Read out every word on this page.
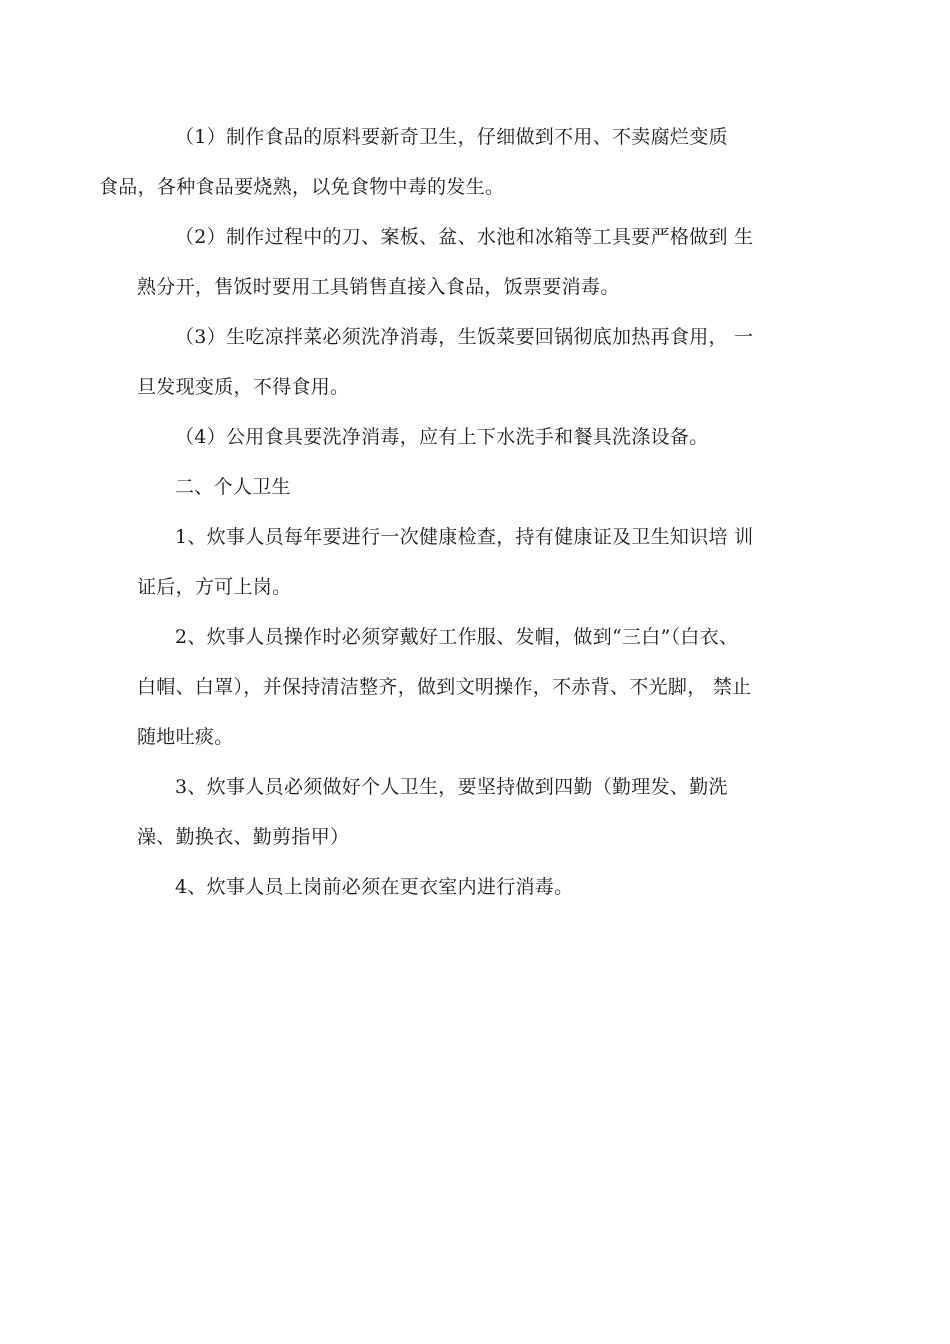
（1）制作食品的原料要新奇卫生，仔细做到不用、不卖腐烂变质
食品，各种食品要烧熟，以免食物中毒的发生。

（2）制作过程中的刀、案板、盆、水池和冰箱等工具要严格做到 生
熟分开，售饭时要用工具销售直接入食品，饭票要消毒。

（3）生吃凉拌菜必须洗净消毒，生饭菜要回锅彻底加热再食用， 一
旦发现变质，不得食用。

（4）公用食具要洗净消毒，应有上下水洗手和餐具洗涤设备。

二、个人卫生

1、炊事人员每年要进行一次健康检查，持有健康证及卫生知识培 训
证后，方可上岗。

2、炊事人员操作时必须穿戴好工作服、发帽，做到“三白”（白衣、
白帽、白罩），并保持清洁整齐，做到文明操作，不赤背、不光脚， 禁止
随地吐痰。

3、炊事人员必须做好个人卫生，要坚持做到四勤（勤理发、勤洗
澡、勤换衣、勤剪指甲）

4、炊事人员上岗前必须在更衣室内进行消毒。
